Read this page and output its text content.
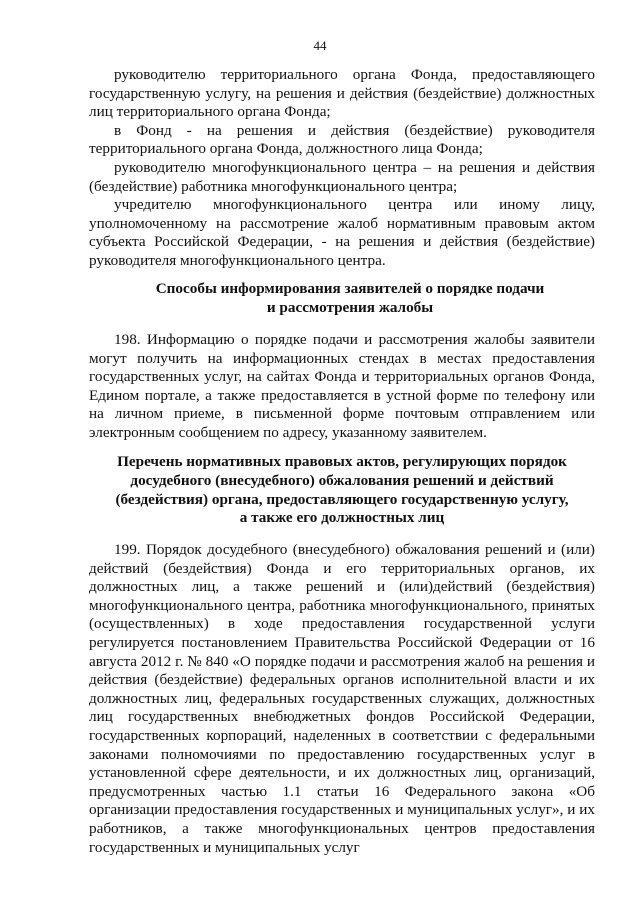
44

руководителю территориального органа Фонда, предоставляющего государственную услугу, на решения и действия (бездействие) должностных лиц территориального органа Фонда;

в Фонд - на решения и действия (бездействие) руководителя территориального органа Фонда, должностного лица Фонда;

руководителю многофункционального центра – на решения и действия (бездействие) работника многофункционального центра;

учредителю многофункционального центра или иному лицу, уполномоченному на рассмотрение жалоб нормативным правовым актом субъекта Российской Федерации, - на решения и действия (бездействие) руководителя многофункционального центра.

Способы информирования заявителей о порядке подачи и рассмотрения жалобы

198. Информацию о порядке подачи и рассмотрения жалобы заявители могут получить на информационных стендах в местах предоставления государственных услуг, на сайтах Фонда и территориальных органов Фонда, Едином портале, а также предоставляется в устной форме по телефону или на личном приеме, в письменной форме почтовым отправлением или электронным сообщением по адресу, указанному заявителем.

Перечень нормативных правовых актов, регулирующих порядок досудебного (внесудебного) обжалования решений и действий (бездействия) органа, предоставляющего государственную услугу, а также его должностных лиц

199. Порядок досудебного (внесудебного) обжалования решений и (или) действий (бездействия) Фонда и его территориальных органов, их должностных лиц, а также решений и (или)действий (бездействия) многофункционального центра, работника многофункционального, принятых (осуществленных) в ходе предоставления государственной услуги регулируется постановлением Правительства Российской Федерации от 16 августа 2012 г. № 840 «О порядке подачи и рассмотрения жалоб на решения и действия (бездействие) федеральных органов исполнительной власти и их должностных лиц, федеральных государственных служащих, должностных лиц государственных внебюджетных фондов Российской Федерации, государственных корпораций, наделенных в соответствии с федеральными законами полномочиями по предоставлению государственных услуг в установленной сфере деятельности, и их должностных лиц, организаций, предусмотренных частью 1.1 статьи 16 Федерального закона «Об организации предоставления государственных и муниципальных услуг», и их работников, а также многофункциональных центров предоставления государственных и муниципальных услуг
